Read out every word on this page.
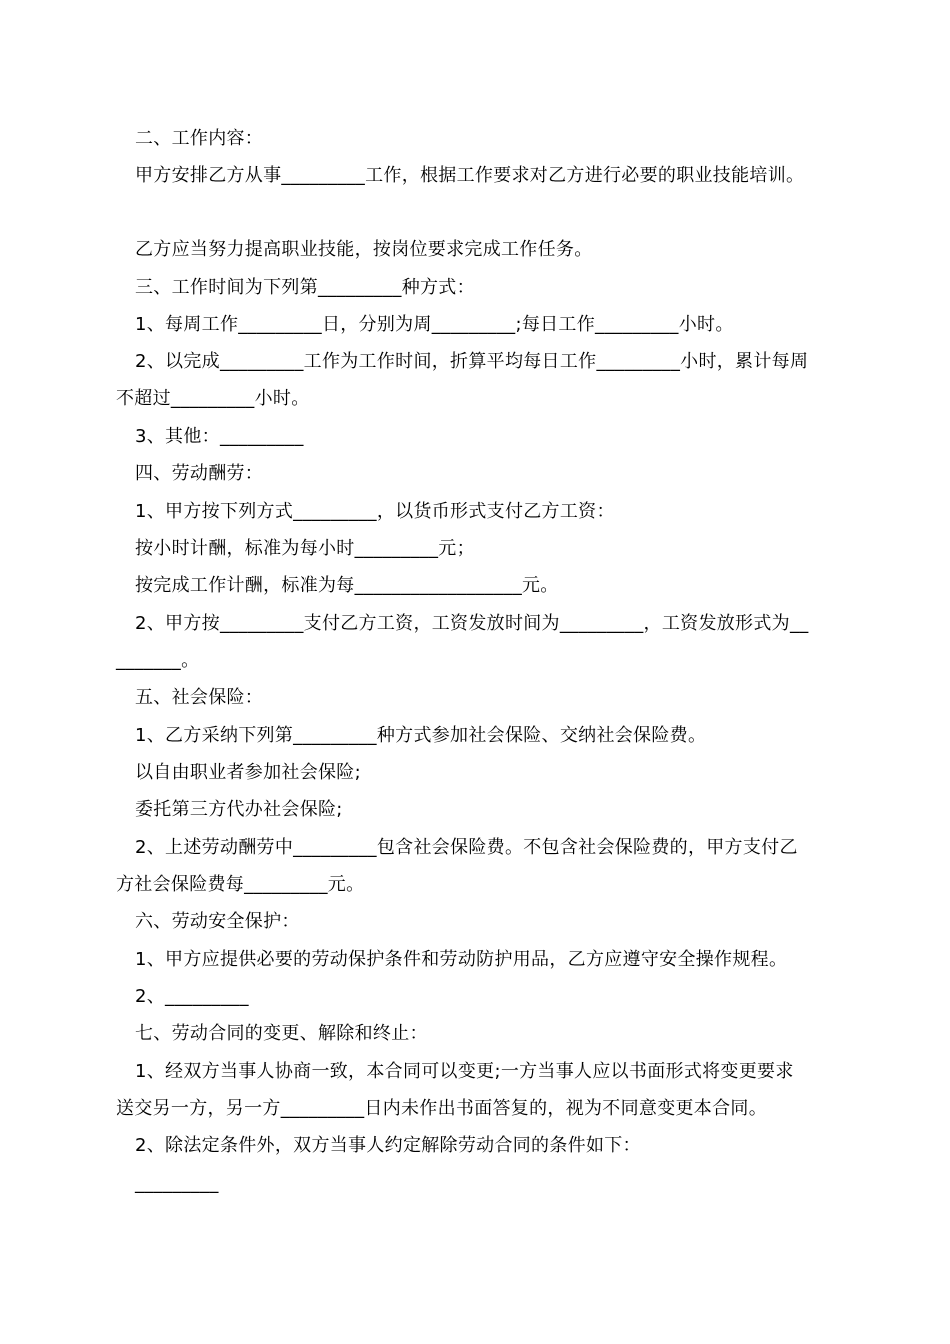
二、工作内容：
甲方安排乙方从事_________工作，根据工作要求对乙方进行必要的职业技能培训。
乙方应当努力提高职业技能，按岗位要求完成工作任务。
三、工作时间为下列第_________种方式：
1、每周工作_________日，分别为周_________;每日工作_________小时。
2、以完成_________工作为工作时间，折算平均每日工作_________小时，累计每周
不超过_________小时。
3、其他：_________
四、劳动酬劳：
1、甲方按下列方式_________，以货币形式支付乙方工资：
按小时计酬，标准为每小时_________元；
按完成工作计酬，标准为每__________________元。
2、甲方按_________支付乙方工资，工资发放时间为_________，工资发放形式为__
_______。
五、社会保险：
1、乙方采纳下列第_________种方式参加社会保险、交纳社会保险费。
以自由职业者参加社会保险;
委托第三方代办社会保险;
2、上述劳动酬劳中_________包含社会保险费。不包含社会保险费的，甲方支付乙
方社会保险费每_________元。
六、劳动安全保护：
1、甲方应提供必要的劳动保护条件和劳动防护用品，乙方应遵守安全操作规程。
2、_________
七、劳动合同的变更、解除和终止：
1、经双方当事人协商一致，本合同可以变更;一方当事人应以书面形式将变更要求
送交另一方，另一方_________日内未作出书面答复的，视为不同意变更本合同。
2、除法定条件外，双方当事人约定解除劳动合同的条件如下：
_________
